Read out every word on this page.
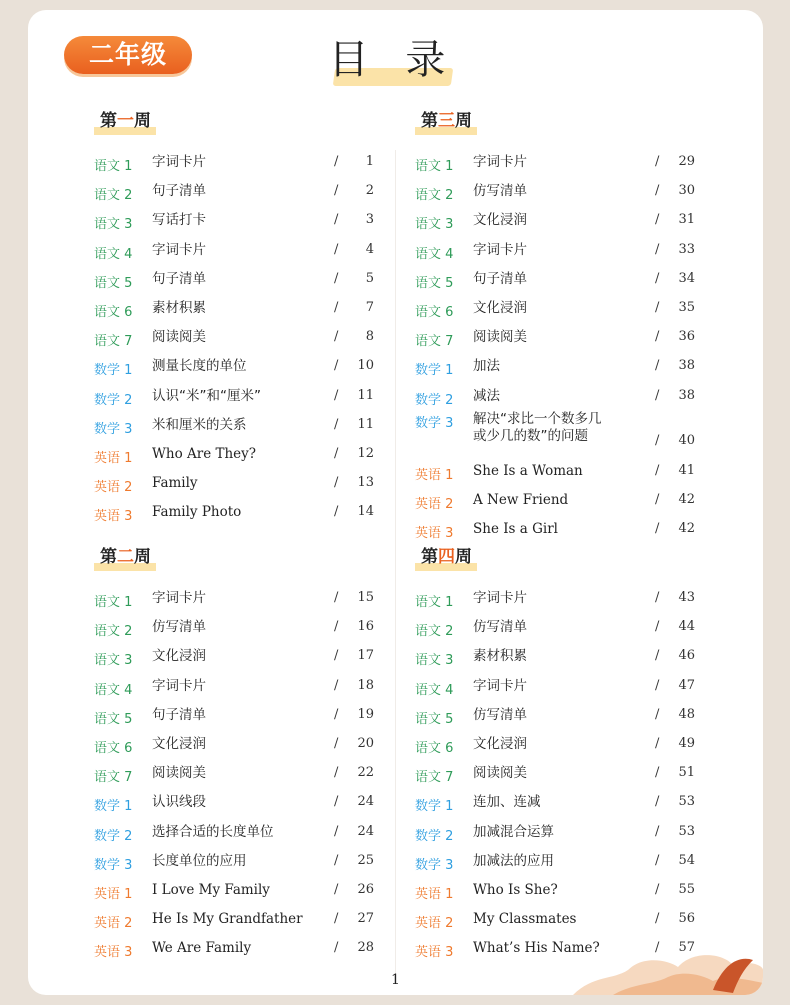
二年级	目 录
第一周
语文 1 字词卡片	/ 1
语文 2 句子清单	/ 2
语文 3 写话打卡	/ 3
语文 4 字词卡片	/ 4
语文 5 句子清单	/ 5
语文 6 素材积累	/ 7
语文 7 阅读阅美	/ 8
数学 1 测量长度的单位	/ 10
数学 2 认识“米”和“厘米”	/ 11
数学 3 米和厘米的关系	/ 11
英语 1 Who Are They?	/ 12
英语 2 Family	/ 13
英语 3 Family Photo	/ 14
第二周
语文 1 字词卡片	/ 15
语文 2 仿写清单	/ 16
语文 3 文化浸润	/ 17
语文 4 字词卡片	/ 18
语文 5 句子清单	/ 19
语文 6 文化浸润	/ 20
语文 7 阅读阅美	/ 22
数学 1 认识线段	/ 24
数学 2 选择合适的长度单位	/ 24
数学 3 长度单位的应用	/ 25
英语 1 I Love My Family	/ 26
英语 2 He Is My Grandfather / 27
英语 3 We Are Family	/ 28
第三周
语文 1 字词卡片	/ 29
语文 2 仿写清单	/ 30
语文 3 文化浸润	/ 31
语文 4 字词卡片	/ 33
语文 5 句子清单	/ 34
语文 6 文化浸润	/ 35
语文 7 阅读阅美	/ 36
数学 1 加法	/ 38
数学 2 减法	/ 38
数学 3 解决“求比一个数多几
或少几的数”的问题	/ 40
英语 1 She Is a Woman	/ 41
英语 2 A New Friend	/ 42
英语 3 She Is a Girl	/ 42
第四周
语文 1 字词卡片	/ 43
语文 2 仿写清单	/ 44
语文 3 素材积累	/ 46
语文 4 字词卡片	/ 47
语文 5 仿写清单	/ 48
语文 6 文化浸润	/ 49
语文 7 阅读阅美	/ 51
数学 1 连加、连减	/ 53
数学 2 加减混合运算	/ 53
数学 3 加减法的应用	/ 54
英语 1 Who Is She?	/ 55
英语 2 My Classmates	/ 56
英语 3 What’s His Name?	/ 57
1
